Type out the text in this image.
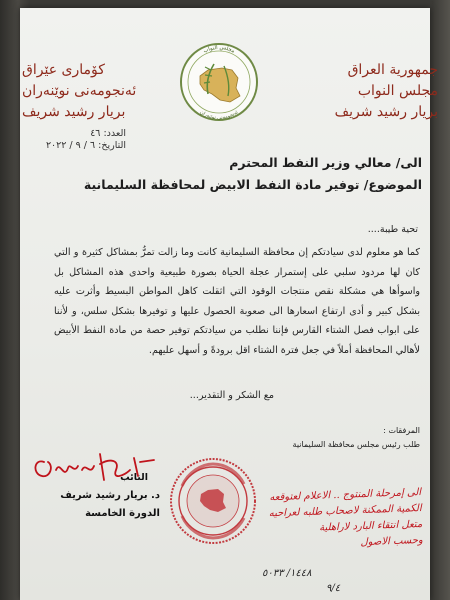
جمهورية العراق
مجلس النواب
بريار رشيد شريف
كۆماری عێراق
ئەنجومەنی نوێنەران
بريار رشيد شريف
مجلس النواب
ئەنجومەنی نوێنەران
العدد: ٤٦
التاريخ: ٦ / ٩ / ٢٠٢٢
الى/ معالي وزير النفط المحترم
الموضوع/ توفير مادة النفط الابيض لمحافظة السليمانية
تحية طيبة....

كما هو معلوم لدى سيادتكم إن محافظة السليمانية كانت وما زالت تمرُّ بمشاكل كثيرة و التي كان لها مردود سلبي على إستمرار عجلة الحياة بصورة طبيعية واحدى هذه المشاكل بل واسوأها هي مشكلة نقص منتجات الوقود التي اثقلت كاهل المواطن البسيط وأثرت عليه بشكل كبير و أدى ارتفاع اسعارها الى صعوبة الحصول عليها و توفيرها بشكل سلس، و لأننا على ابواب فصل الشتاء القارس فإننا نطلب من سيادتكم توفير حصة من مادة النفط الأبيض لأهالي المحافظة أملاً في جعل فترة الشتاء اقل برودةً و أسهل عليهم.

مع الشكر و التقدير...
المرفقات :
طلب رئيس مجلس محافظة السليمانية
النائب
د. بريار رشيد شريف
الدورة الخامسة
الى إمرحلة المنتوج .. الاعلام لعتوقعه
الكمية الممكنة لاصحاب طلبه لعراحيه
متعل انتقاء البارد لاراهلية
وحسب الاصول
١٤٤٨/ ٥٠٣٣
٩/٤
